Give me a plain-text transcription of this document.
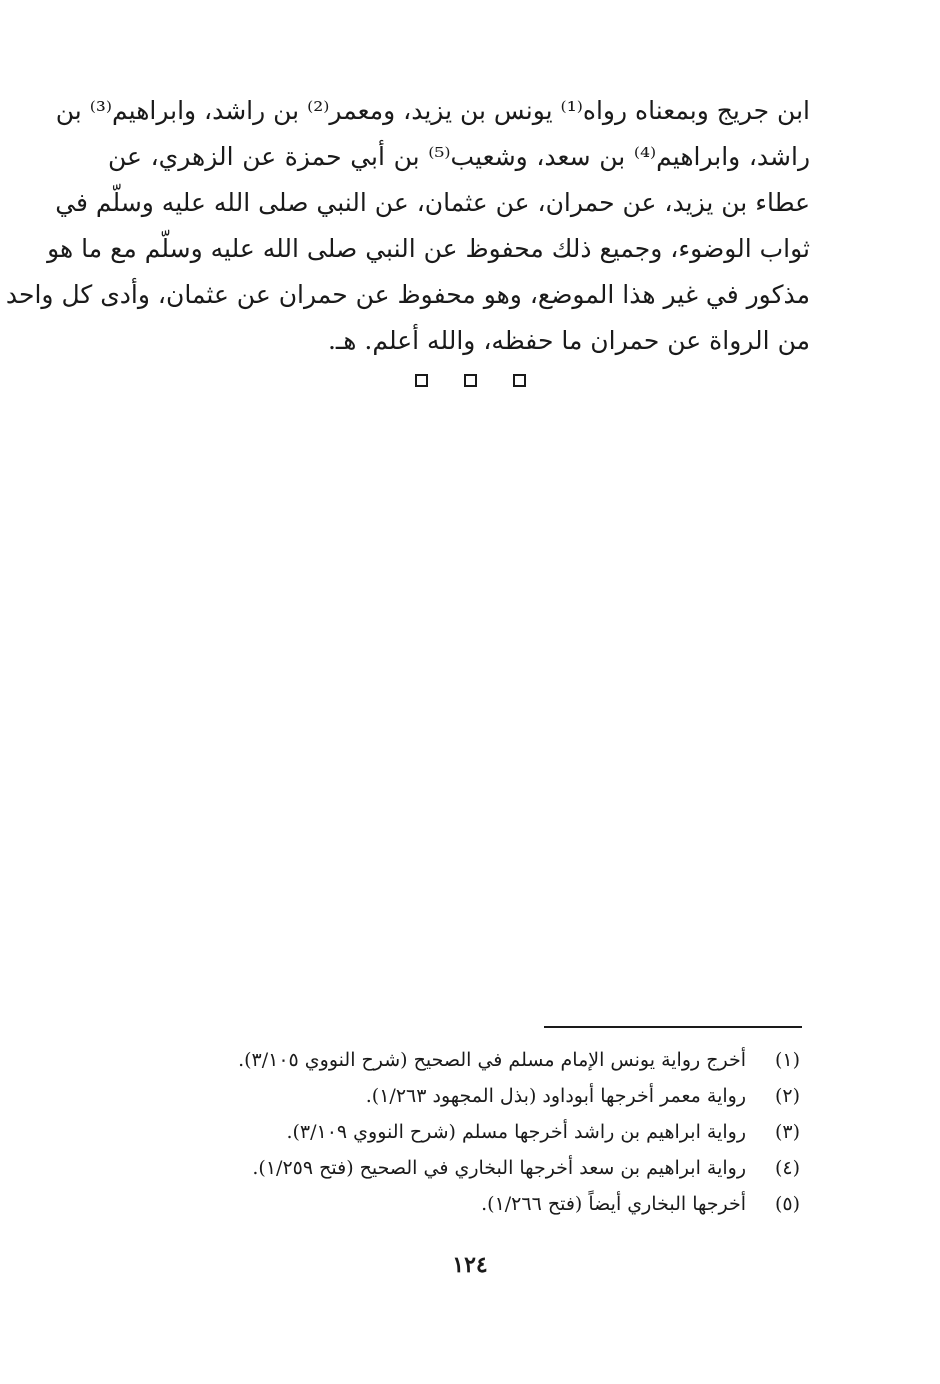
ابن جريج وبمعناه رواه⁽¹⁾ يونس بن يزيد، ومعمر⁽²⁾ بن راشد، وابراهيم⁽³⁾ بن
راشد، وابراهيم⁽⁴⁾ بن سعد، وشعيب⁽⁵⁾ بن أبي حمزة عن الزهري، عن
عطاء بن يزيد، عن حمران، عن عثمان، عن النبي صلى الله عليه وسلّم في
ثواب الوضوء، وجميع ذلك محفوظ عن النبي صلى الله عليه وسلّم مع ما هو
مذكور في غير هذا الموضع، وهو محفوظ عن حمران عن عثمان، وأدى كل واحد
من الرواة عن حمران ما حفظه، والله أعلم. هـ.
(١)
أخرج رواية يونس الإمام مسلم في الصحيح (شرح النووي ٣/١٠٥).
(٢)
رواية معمر أخرجها أبوداود (بذل المجهود ١/٢٦٣).
(٣)
رواية ابراهيم بن راشد أخرجها مسلم (شرح النووي ٣/١٠٩).
(٤)
رواية ابراهيم بن سعد أخرجها البخاري في الصحيح (فتح ١/٢٥٩).
(٥)
أخرجها البخاري أيضاً (فتح ١/٢٦٦).
١٢٤
